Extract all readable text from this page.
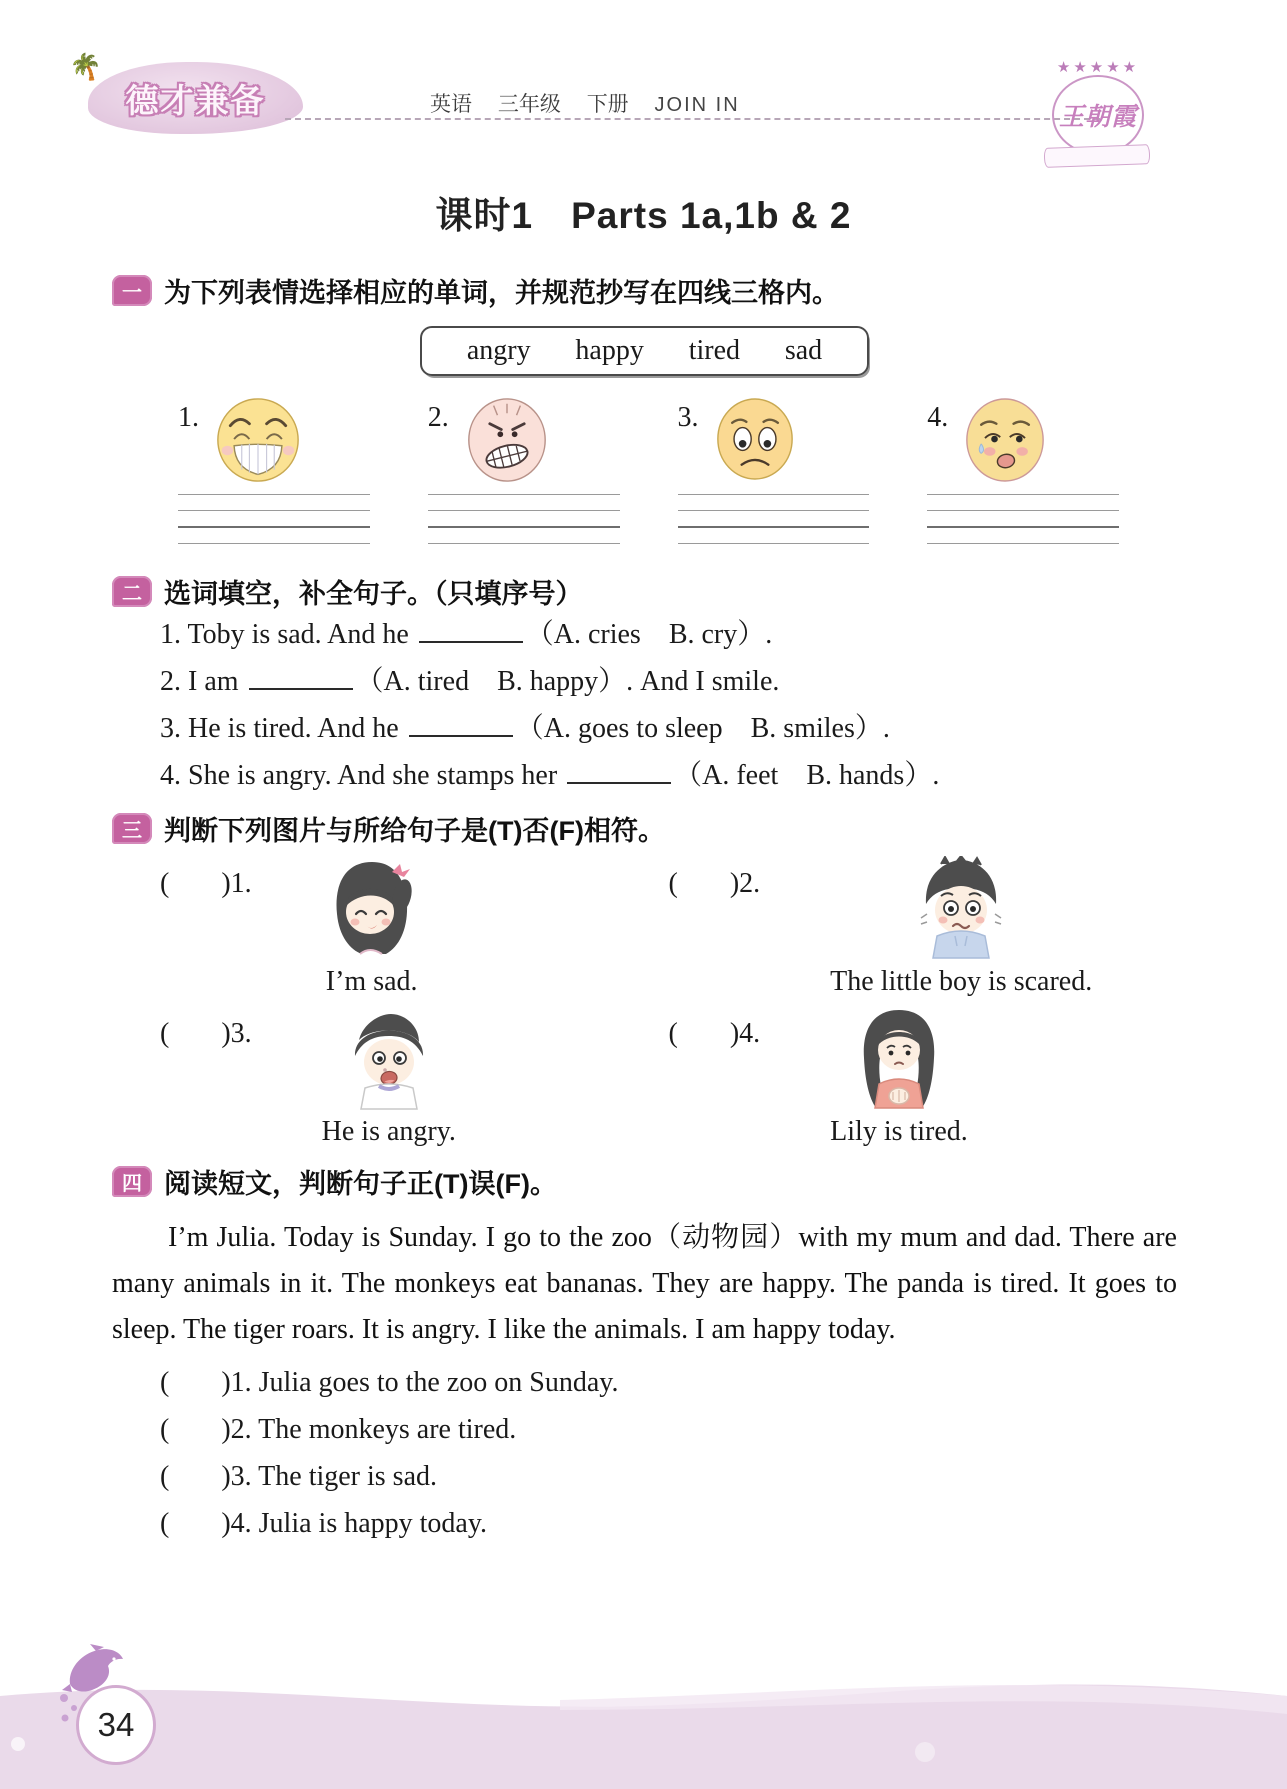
🌴
德才兼备	英语 三年级 下册 JOIN IN
★★★★★
王朝霞
课时1　Parts 1a,1b & 2
一 为下列表情选择相应的单词，并规范抄写在四线三格内。
angry happy tired sad
1.	2.	3.	4.
二 选词填空，补全句子。（只填序号）
1. Toby is sad. And he	（A. cries　B. cry）.
2. I am	（A. tired　B. happy）. And I smile.
3. He is tired. And he	（A. goes to sleep　B. smiles）.
4. She is angry. And she stamps her	（A. feet　B. hands）.
三 判断下列图片与所给句子是(T)否(F)相符。
( )1.
I’m sad.
( )2.
The little boy is scared.
( )3.
He is angry.
( )4.
Lily is tired.
四 阅读短文，判断句子正(T)误(F)。

I’m Julia. Today is Sunday. I go to the zoo（动物园）with my mum and dad. There are many animals in it. The monkeys eat bananas. They are happy. The panda is tired. It goes to sleep. The tiger roars. It is angry. I like the animals. I am happy today.

( )1. Julia goes to the zoo on Sunday.
( )2. The monkeys are tired.
( )3. The tiger is sad.
( )4. Julia is happy today.
34
